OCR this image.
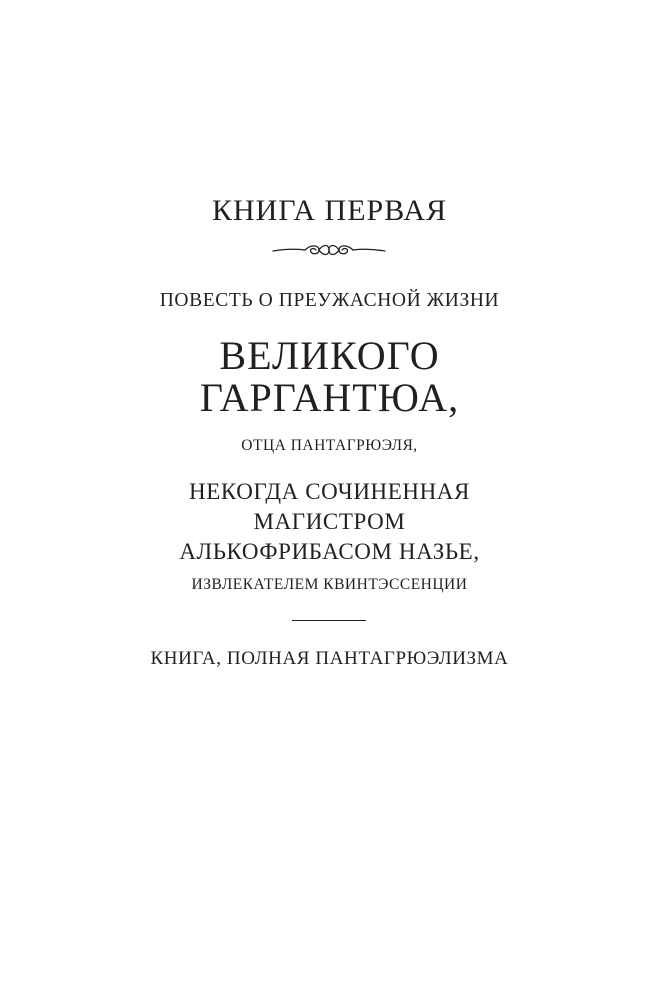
КНИГА ПЕРВАЯ
ПОВЕСТЬ О ПРЕУЖАСНОЙ ЖИЗНИ
ВЕЛИКОГО
ГАРГАНТЮА,
ОТЦА ПАНТАГРЮЭЛЯ,
НЕКОГДА СОЧИНЕННАЯ
МАГИСТРОМ
АЛЬКОФРИБАСОМ НАЗЬЕ,
ИЗВЛЕКАТЕЛЕМ КВИНТЭССЕНЦИИ
КНИГА, ПОЛНАЯ ПАНТАГРЮЭЛИЗМА
